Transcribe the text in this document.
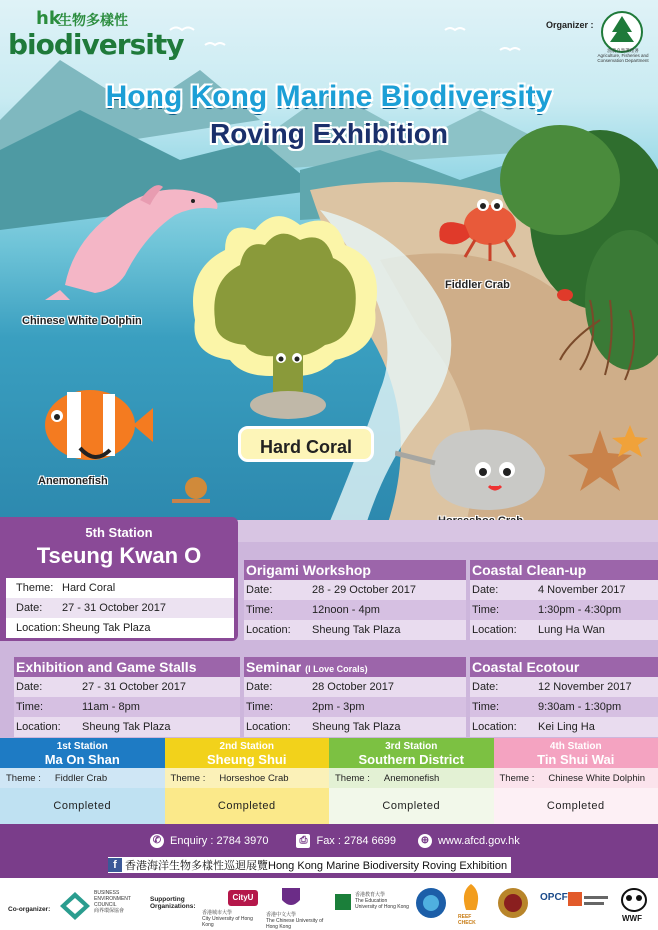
Chinese White Dolphin
Anemonefish
Hard Coral
Fiddler Crab
hk
生物多樣性
biodiversity
Organizer :
漁農自然護理署
Agriculture, Fisheries and Conservation Department
Hong Kong Marine Biodiversity
Roving Exhibition
5th Station
Tseung Kwan O
Theme: Hard Coral
Date:	27 - 31 October 2017
Location: Sheung Tak Plaza
Origami Workshop
Date:	28 - 29 October 2017
Time:	12noon - 4pm
Location:	Sheung Tak Plaza
Coastal Clean-up
Date:	4 November 2017
Time:	1:30pm - 4:30pm
Location:	Lung Ha Wan
Exhibition and Game Stalls
Date:	27 - 31 October 2017
Time:	11am - 8pm
Location:	Sheung Tak Plaza
Seminar (I Love Corals)
Date:	28 October 2017
Time:	2pm - 3pm
Location:	Sheung Tak Plaza
Coastal Ecotour
Date:	12 November 2017
Time:	9:30am - 1:30pm
Location:	Kei Ling Ha
1st Station
Ma On Shan
Theme : Fiddler Crab
Completed
2nd Station
Sheung Shui
Theme : Horseshoe Crab
Completed
3rd Station
Southern District
Theme : Anemonefish
Completed
4th Station
Tin Shui Wai
Theme : Chinese White Dolphin
Completed
✆ Enquiry : 2784 3970	⎙ Fax : 2784 6699 ⊕ www.afcd.gov.hk
f 香港海洋生物多樣性巡迴展覽Hong Kong Marine Biodiversity Roving Exhibition
Co-organizer:
BUSINESS ENVIRONMENT COUNCIL
商界環保協會
Supporting Organizations:
CityU
香港城市大學
City University of Hong Kong
香港中文大學
The Chinese University of Hong Kong
香港教育大學
The Education University of Hong Kong
REEF CHECK
OPCF
WWF
